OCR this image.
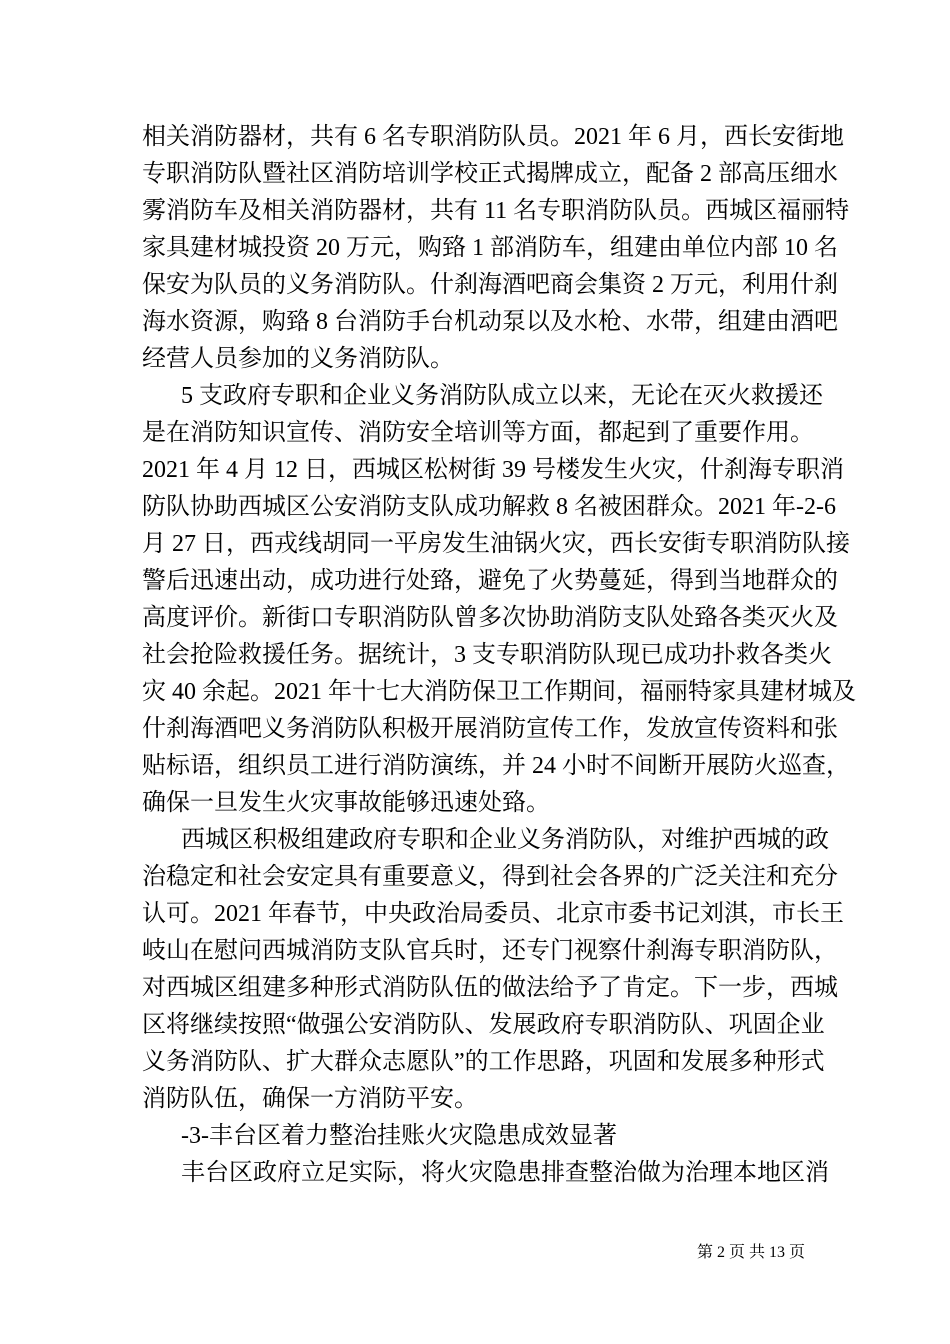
相关消防器材，共有 6 名专职消防队员。2021 年 6 月，西长安街地
专职消防队暨社区消防培训学校正式揭牌成立，配备 2 部高压细水
雾消防车及相关消防器材，共有 11 名专职消防队员。西城区福丽特
家具建材城投资 20 万元，购臵 1 部消防车，组建由单位内部 10 名
保安为队员的义务消防队。什刹海酒吧商会集资 2 万元，利用什刹
海水资源，购臵 8 台消防手台机动泵以及水枪、水带，组建由酒吧
经营人员参加的义务消防队。
5 支政府专职和企业义务消防队成立以来，无论在灭火救援还
是在消防知识宣传、消防安全培训等方面，都起到了重要作用。
2021 年 4 月 12 日，西城区松树街 39 号楼发生火灾，什刹海专职消
防队协助西城区公安消防支队成功解救 8 名被困群众。2021 年-2-6
月 27 日，西戎线胡同一平房发生油锅火灾，西长安街专职消防队接
警后迅速出动，成功进行处臵，避免了火势蔓延，得到当地群众的
高度评价。新街口专职消防队曾多次协助消防支队处臵各类灭火及
社会抢险救援任务。据统计，3 支专职消防队现已成功扑救各类火
灾 40 余起。2021 年十七大消防保卫工作期间，福丽特家具建材城及
什刹海酒吧义务消防队积极开展消防宣传工作，发放宣传资料和张
贴标语，组织员工进行消防演练，并 24 小时不间断开展防火巡查，
确保一旦发生火灾事故能够迅速处臵。
西城区积极组建政府专职和企业义务消防队，对维护西城的政
治稳定和社会安定具有重要意义，得到社会各界的广泛关注和充分
认可。2021 年春节，中央政治局委员、北京市委书记刘淇，市长王
岐山在慰问西城消防支队官兵时，还专门视察什刹海专职消防队，
对西城区组建多种形式消防队伍的做法给予了肯定。下一步，西城
区将继续按照“做强公安消防队、发展政府专职消防队、巩固企业
义务消防队、扩大群众志愿队”的工作思路，巩固和发展多种形式
消防队伍，确保一方消防平安。
-3-丰台区着力整治挂账火灾隐患成效显著
丰台区政府立足实际，将火灾隐患排查整治做为治理本地区消
第 2 页 共 13 页
